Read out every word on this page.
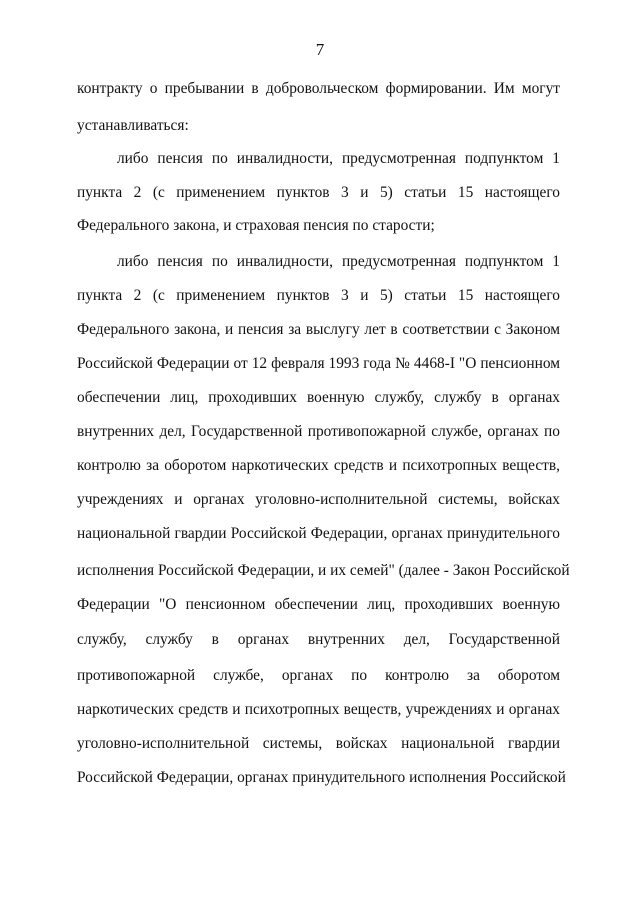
7
контракту о пребывании в добровольческом формировании. Им могут
устанавливаться:
либо пенсия по инвалидности, предусмотренная подпунктом 1
пункта 2 (с применением пунктов 3 и 5) статьи 15 настоящего
Федерального закона, и страховая пенсия по старости;
либо пенсия по инвалидности, предусмотренная подпунктом 1
пункта 2 (с применением пунктов 3 и 5) статьи 15 настоящего
Федерального закона, и пенсия за выслугу лет в соответствии с Законом
Российской Федерации от 12 февраля 1993 года № 4468-I "О пенсионном
обеспечении лиц, проходивших военную службу, службу в органах
внутренних дел, Государственной противопожарной службе, органах по
контролю за оборотом наркотических средств и психотропных веществ,
учреждениях и органах уголовно-исполнительной системы, войсках
национальной гвардии Российской Федерации, органах принудительного
исполнения Российской Федерации, и их семей" (далее - Закон Российской
Федерации "О пенсионном обеспечении лиц, проходивших военную
службу, службу в органах внутренних дел, Государственной
противопожарной службе, органах по контролю за оборотом
наркотических средств и психотропных веществ, учреждениях и органах
уголовно-исполнительной системы, войсках национальной гвардии
Российской Федерации, органах принудительного исполнения Российской
